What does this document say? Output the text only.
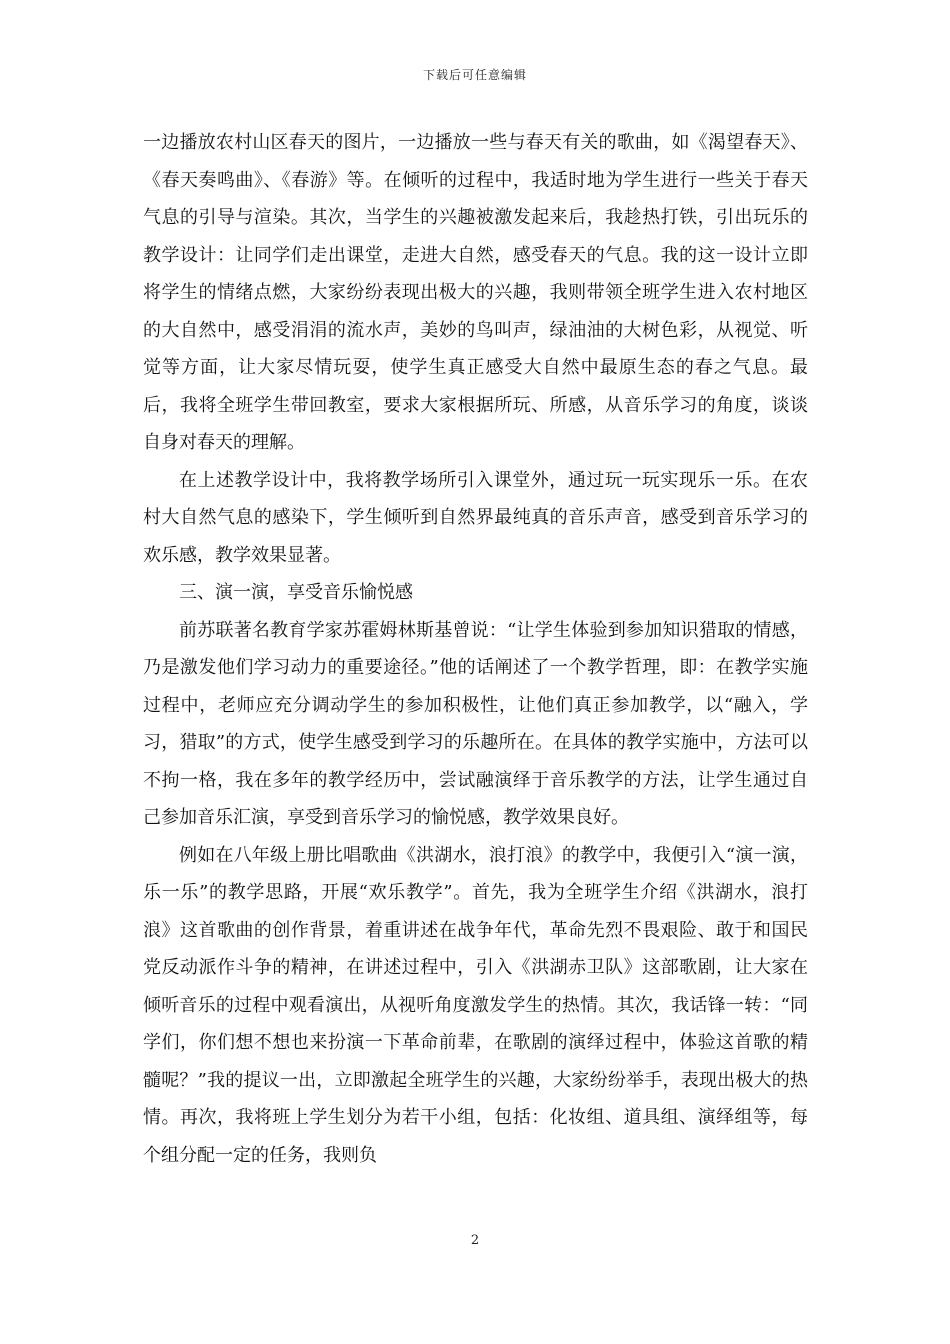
下载后可任意编辑

一边播放农村山区春天的图片，一边播放一些与春天有关的歌曲，如《渴望春天》、《春天奏鸣曲》、《春游》等。在倾听的过程中，我适时地为学生进行一些关于春天气息的引导与渲染。其次，当学生的兴趣被激发起来后，我趁热打铁，引出玩乐的教学设计：让同学们走出课堂，走进大自然，感受春天的气息。我的这一设计立即将学生的情绪点燃，大家纷纷表现出极大的兴趣，我则带领全班学生进入农村地区的大自然中，感受涓涓的流水声，美妙的鸟叫声，绿油油的大树色彩，从视觉、听觉等方面，让大家尽情玩耍，使学生真正感受大自然中最原生态的春之气息。最后，我将全班学生带回教室，要求大家根据所玩、所感，从音乐学习的角度，谈谈自身对春天的理解。

在上述教学设计中，我将教学场所引入课堂外，通过玩一玩实现乐一乐。在农村大自然气息的感染下，学生倾听到自然界最纯真的音乐声音，感受到音乐学习的欢乐感，教学效果显著。

三、演一演，享受音乐愉悦感

前苏联著名教育学家苏霍姆林斯基曾说：“让学生体验到参加知识猎取的情感，乃是激发他们学习动力的重要途径。”他的话阐述了一个教学哲理，即：在教学实施过程中，老师应充分调动学生的参加积极性，让他们真正参加教学，以“融入，学习，猎取”的方式，使学生感受到学习的乐趣所在。在具体的教学实施中，方法可以不拘一格，我在多年的教学经历中，尝试融演绎于音乐教学的方法，让学生通过自己参加音乐汇演，享受到音乐学习的愉悦感，教学效果良好。

例如在八年级上册比唱歌曲《洪湖水，浪打浪》的教学中，我便引入“演一演，乐一乐”的教学思路，开展“欢乐教学”。首先，我为全班学生介绍《洪湖水，浪打浪》这首歌曲的创作背景，着重讲述在战争年代，革命先烈不畏艰险、敢于和国民党反动派作斗争的精神，在讲述过程中，引入《洪湖赤卫队》这部歌剧，让大家在倾听音乐的过程中观看演出，从视听角度激发学生的热情。其次，我话锋一转：“同学们，你们想不想也来扮演一下革命前辈，在歌剧的演绎过程中，体验这首歌的精髓呢？”我的提议一出，立即激起全班学生的兴趣，大家纷纷举手，表现出极大的热情。再次，我将班上学生划分为若干小组，包括：化妆组、道具组、演绎组等，每个组分配一定的任务，我则负

2
